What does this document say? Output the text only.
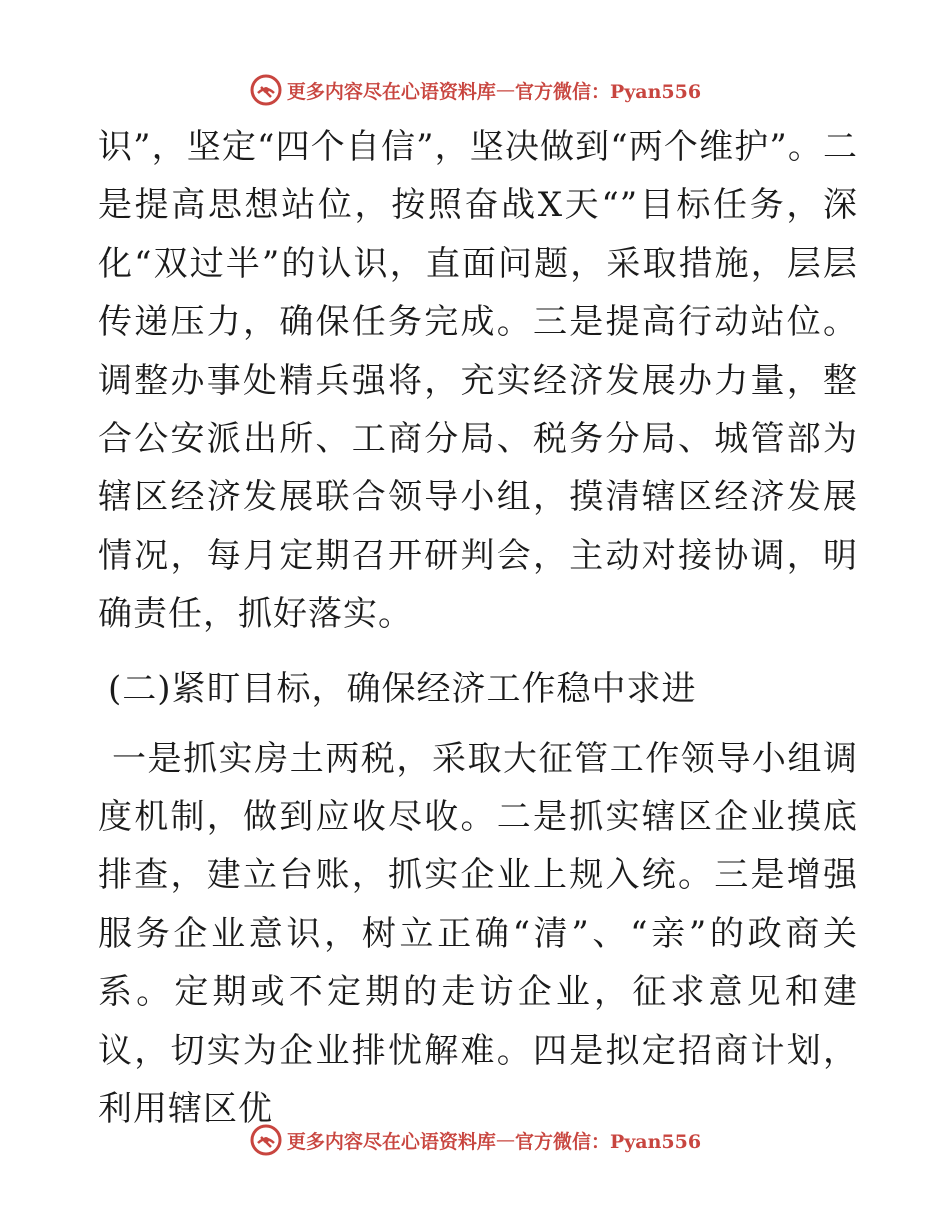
更多内容尽在心语资料库 — 官方微信：Pyan556

识”，坚定“四个自信”，坚决做到“两个维护”。二是提高思想站位，按照奋战X天“”目标任务，深化“双过半”的认识，直面问题，采取措施，层层传递压力，确保任务完成。三是提高行动站位。调整办事处精兵强将，充实经济发展办力量，整合公安派出所、工商分局、税务分局、城管部为辖区经济发展联合领导小组，摸清辖区经济发展情况，每月定期召开研判会，主动对接协调，明确责任，抓好落实。

(二)紧盯目标，确保经济工作稳中求进

一是抓实房土两税，采取大征管工作领导小组调度机制，做到应收尽收。二是抓实辖区企业摸底排查，建立台账，抓实企业上规入统。三是增强服务企业意识，树立正确“清”、“亲”的政商关系。定期或不定期的走访企业，征求意见和建议，切实为企业排忧解难。四是拟定招商计划，利用辖区优

更多内容尽在心语资料库 — 官方微信：Pyan556
